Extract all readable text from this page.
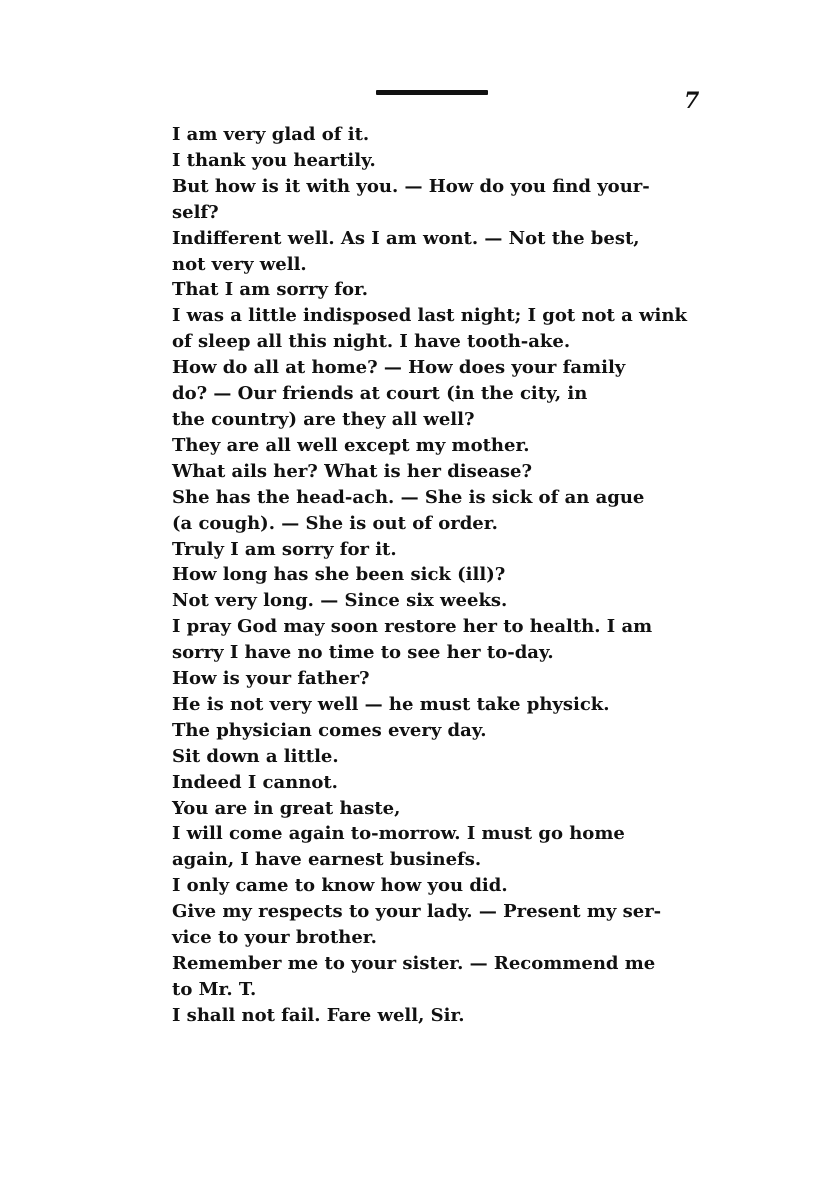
7
I am very glad of it.
I thank you heartily.
But how is it with you. — How do you find your-
self?
Indifferent well. As I am wont. — Not the best,
not very well.
That I am sorry for.
I was a little indisposed last night; I got not a wink
of sleep all this night. I have tooth-ake.
How do all at home? — How does your family
do? — Our friends at court (in the city, in
the country) are they all well?
They are all well except my mother.
What ails her? What is her disease?
She has the head-ach. — She is sick of an ague
(a cough). — She is out of order.
Truly I am sorry for it.
How long has she been sick (ill)?
Not very long. — Since six weeks.
I pray God may soon restore her to health. I am
sorry I have no time to see her to-day.
How is your father?
He is not very well — he must take physick.
The physician comes every day.
Sit down a little.
Indeed I cannot.
You are in great haste,
I will come again to-morrow. I must go home
again, I have earnest businefs.
I only came to know how you did.
Give my respects to your lady. — Present my ser-
vice to your brother.
Remember me to your sister. — Recommend me
to Mr. T.
I shall not fail. Fare well, Sir.
